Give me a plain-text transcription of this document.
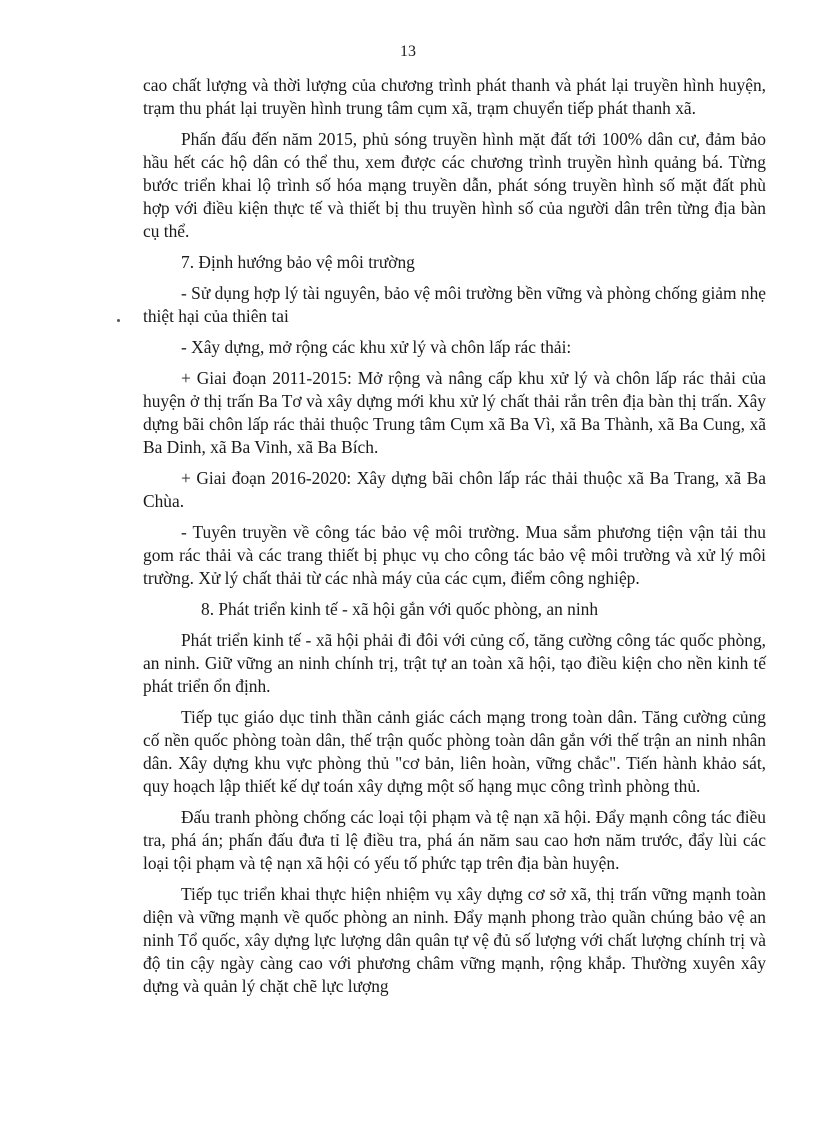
13

cao chất lượng và thời lượng của chương trình phát thanh và phát lại truyền hình huyện, trạm thu phát lại truyền hình trung tâm cụm xã, trạm chuyển tiếp phát thanh xã.

Phấn đấu đến năm 2015, phủ sóng truyền hình mặt đất tới 100% dân cư, đảm bảo hầu hết các hộ dân có thể thu, xem được các chương trình truyền hình quảng bá. Từng bước triển khai lộ trình số hóa mạng truyền dẫn, phát sóng truyền hình số mặt đất phù hợp với điều kiện thực tế và thiết bị thu truyền hình số của người dân trên từng địa bàn cụ thể.

7. Định hướng bảo vệ môi trường

- Sử dụng hợp lý tài nguyên, bảo vệ môi trường bền vững và phòng chống giảm nhẹ thiệt hại của thiên tai

- Xây dựng, mở rộng các khu xử lý và chôn lấp rác thải:

+ Giai đoạn 2011-2015: Mở rộng và nâng cấp khu xử lý và chôn lấp rác thải của huyện ở thị trấn Ba Tơ và xây dựng mới khu xử lý chất thải rắn trên địa bàn thị trấn. Xây dựng bãi chôn lấp rác thải thuộc Trung tâm Cụm xã Ba Vì, xã Ba Thành, xã Ba Cung, xã Ba Dinh, xã Ba Vinh, xã Ba Bích.

+ Giai đoạn 2016-2020: Xây dựng bãi chôn lấp rác thải thuộc xã Ba Trang, xã Ba Chùa.

- Tuyên truyền về công tác bảo vệ môi trường. Mua sắm phương tiện vận tải thu gom rác thải và các trang thiết bị phục vụ cho công tác bảo vệ môi trường và xử lý môi trường. Xử lý chất thải từ các nhà máy của các cụm, điểm công nghiệp.

8. Phát triển kinh tế - xã hội gắn với quốc phòng, an ninh

Phát triển kinh tế - xã hội phải đi đôi với củng cố, tăng cường công tác quốc phòng, an ninh. Giữ vững an ninh chính trị, trật tự an toàn xã hội, tạo điều kiện cho nền kinh tế phát triển ổn định.

Tiếp tục giáo dục tinh thần cảnh giác cách mạng trong toàn dân. Tăng cường củng cố nền quốc phòng toàn dân, thế trận quốc phòng toàn dân gắn với thế trận an ninh nhân dân. Xây dựng khu vực phòng thủ "cơ bản, liên hoàn, vững chắc". Tiến hành khảo sát, quy hoạch lập thiết kế dự toán xây dựng một số hạng mục công trình phòng thủ.

Đấu tranh phòng chống các loại tội phạm và tệ nạn xã hội. Đẩy mạnh công tác điều tra, phá án; phấn đấu đưa tỉ lệ điều tra, phá án năm sau cao hơn năm trước, đẩy lùi các loại tội phạm và tệ nạn xã hội có yếu tố phức tạp trên địa bàn huyện.

Tiếp tục triển khai thực hiện nhiệm vụ xây dựng cơ sở xã, thị trấn vững mạnh toàn diện và vững mạnh về quốc phòng an ninh. Đẩy mạnh phong trào quần chúng bảo vệ an ninh Tổ quốc, xây dựng lực lượng dân quân tự vệ đủ số lượng với chất lượng chính trị và độ tin cậy ngày càng cao với phương châm vững mạnh, rộng khắp. Thường xuyên xây dựng và quản lý chặt chẽ lực lượng
